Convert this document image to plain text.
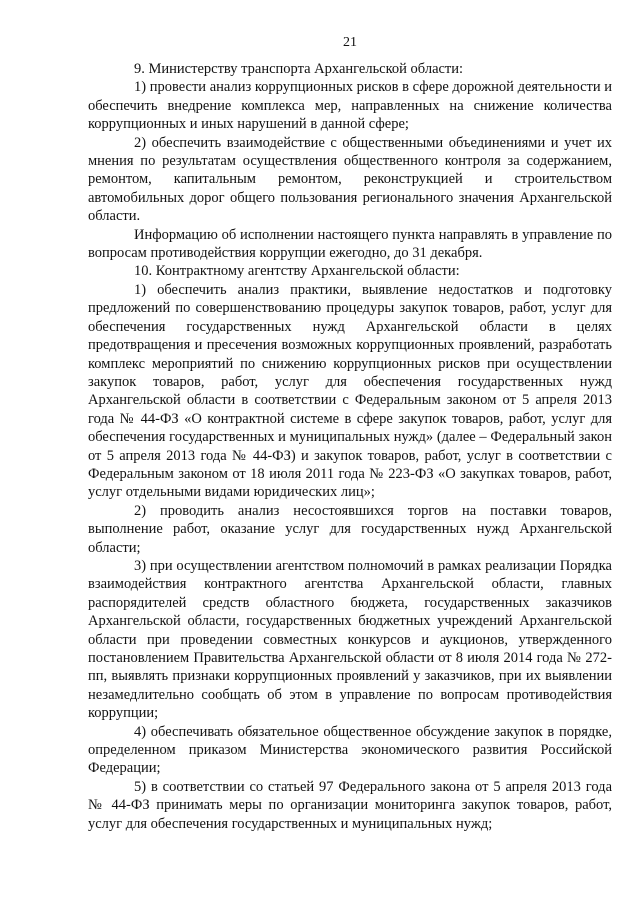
21

9. Министерству транспорта Архангельской области:

1) провести анализ коррупционных рисков в сфере дорожной деятельности и обеспечить внедрение комплекса мер, направленных на снижение количества коррупционных и иных нарушений в данной сфере;

2) обеспечить взаимодействие с общественными объединениями и учет их мнения по результатам осуществления общественного контроля за содержанием, ремонтом, капитальным ремонтом, реконструкцией и строительством автомобильных дорог общего пользования регионального значения Архангельской области.

Информацию об исполнении настоящего пункта направлять в управление по вопросам противодействия коррупции ежегодно, до 31 декабря.

10. Контрактному агентству Архангельской области:

1) обеспечить анализ практики, выявление недостатков и подготовку предложений по совершенствованию процедуры закупок товаров, работ, услуг для обеспечения государственных нужд Архангельской области в целях предотвращения и пресечения возможных коррупционных проявлений, разработать комплекс мероприятий по снижению коррупционных рисков при осуществлении закупок товаров, работ, услуг для обеспечения государственных нужд Архангельской области в соответствии с Федеральным законом от 5 апреля 2013 года № 44-ФЗ «О контрактной системе в сфере закупок товаров, работ, услуг для обеспечения государственных и муниципальных нужд» (далее – Федеральный закон от 5 апреля 2013 года № 44-ФЗ) и закупок товаров, работ, услуг в соответствии с Федеральным законом от 18 июля 2011 года № 223-ФЗ «О закупках товаров, работ, услуг отдельными видами юридических лиц»;

2) проводить анализ несостоявшихся торгов на поставки товаров, выполнение работ, оказание услуг для государственных нужд Архангельской области;

3) при осуществлении агентством полномочий в рамках реализации Порядка взаимодействия контрактного агентства Архангельской области, главных распорядителей средств областного бюджета, государственных заказчиков Архангельской области, государственных бюджетных учреждений Архангельской области при проведении совместных конкурсов и аукционов, утвержденного постановлением Правительства Архангельской области от 8 июля 2014 года № 272-пп, выявлять признаки коррупционных проявлений у заказчиков, при их выявлении незамедлительно сообщать об этом в управление по вопросам противодействия коррупции;

4) обеспечивать обязательное общественное обсуждение закупок в порядке, определенном приказом Министерства экономического развития Российской Федерации;

5) в соответствии со статьей 97 Федерального закона от 5 апреля 2013 года № 44-ФЗ принимать меры по организации мониторинга закупок товаров, работ, услуг для обеспечения государственных и муниципальных нужд;
